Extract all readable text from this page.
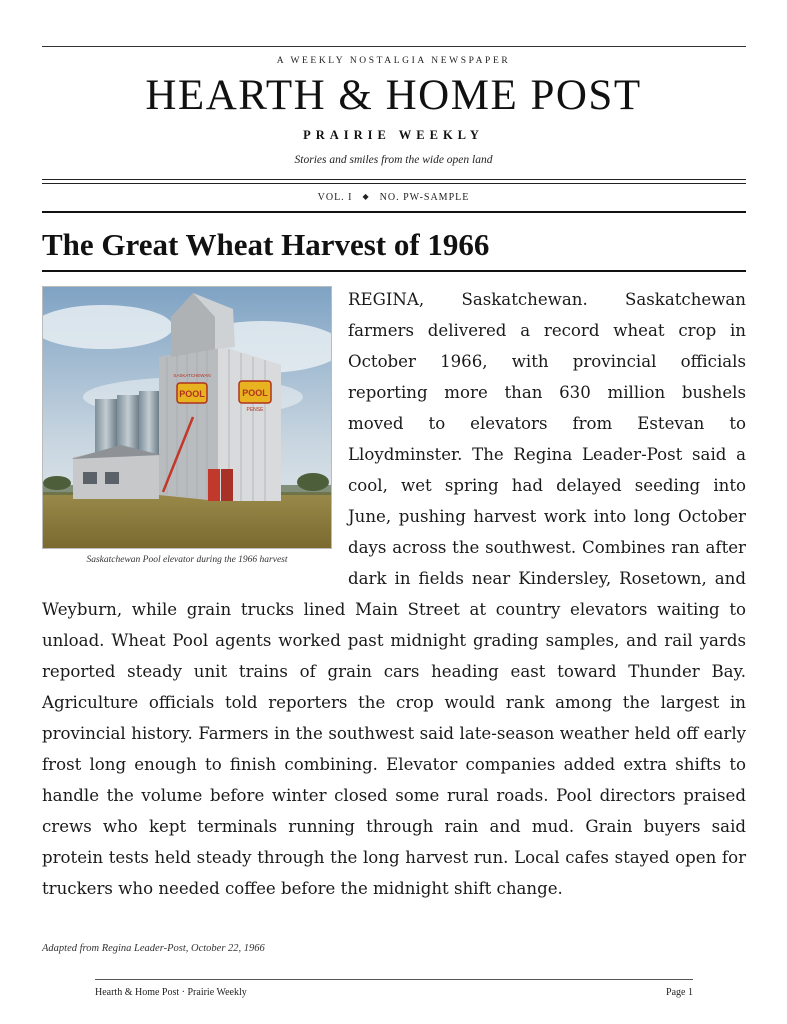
A WEEKLY NOSTALGIA NEWSPAPER
HEARTH & HOME POST
PRAIRIE WEEKLY
Stories and smiles from the wide open land
VOL. I ◆ NO. PW-SAMPLE
The Great Wheat Harvest of 1966
POOL	POOL
SASKATCHEWAN
PENSE
Saskatchewan Pool elevator during the 1966 harvest

REGINA, Saskatchewan. Saskatchewan farmers delivered a record wheat crop in October 1966, with provincial officials reporting more than 630 million bushels moved to elevators from Estevan to Lloydminster. The Regina Leader-Post said a cool, wet spring had delayed seeding into June, pushing harvest work into long October days across the southwest. Combines ran after dark in fields near Kindersley, Rosetown, and Weyburn, while grain trucks lined Main Street at country elevators waiting to unload. Wheat Pool agents worked past midnight grading samples, and rail yards reported steady unit trains of grain cars heading east toward Thunder Bay. Agriculture officials told reporters the crop would rank among the largest in provincial history. Farmers in the southwest said late-season weather held off early frost long enough to finish combining. Elevator companies added extra shifts to handle the volume before winter closed some rural roads. Pool directors praised crews who kept terminals running through rain and mud. Grain buyers said protein tests held steady through the long harvest run. Local cafes stayed open for truckers who needed coffee before the midnight shift change.

Adapted from Regina Leader-Post, October 22, 1966
Hearth & Home Post · Prairie Weekly	Page 1
